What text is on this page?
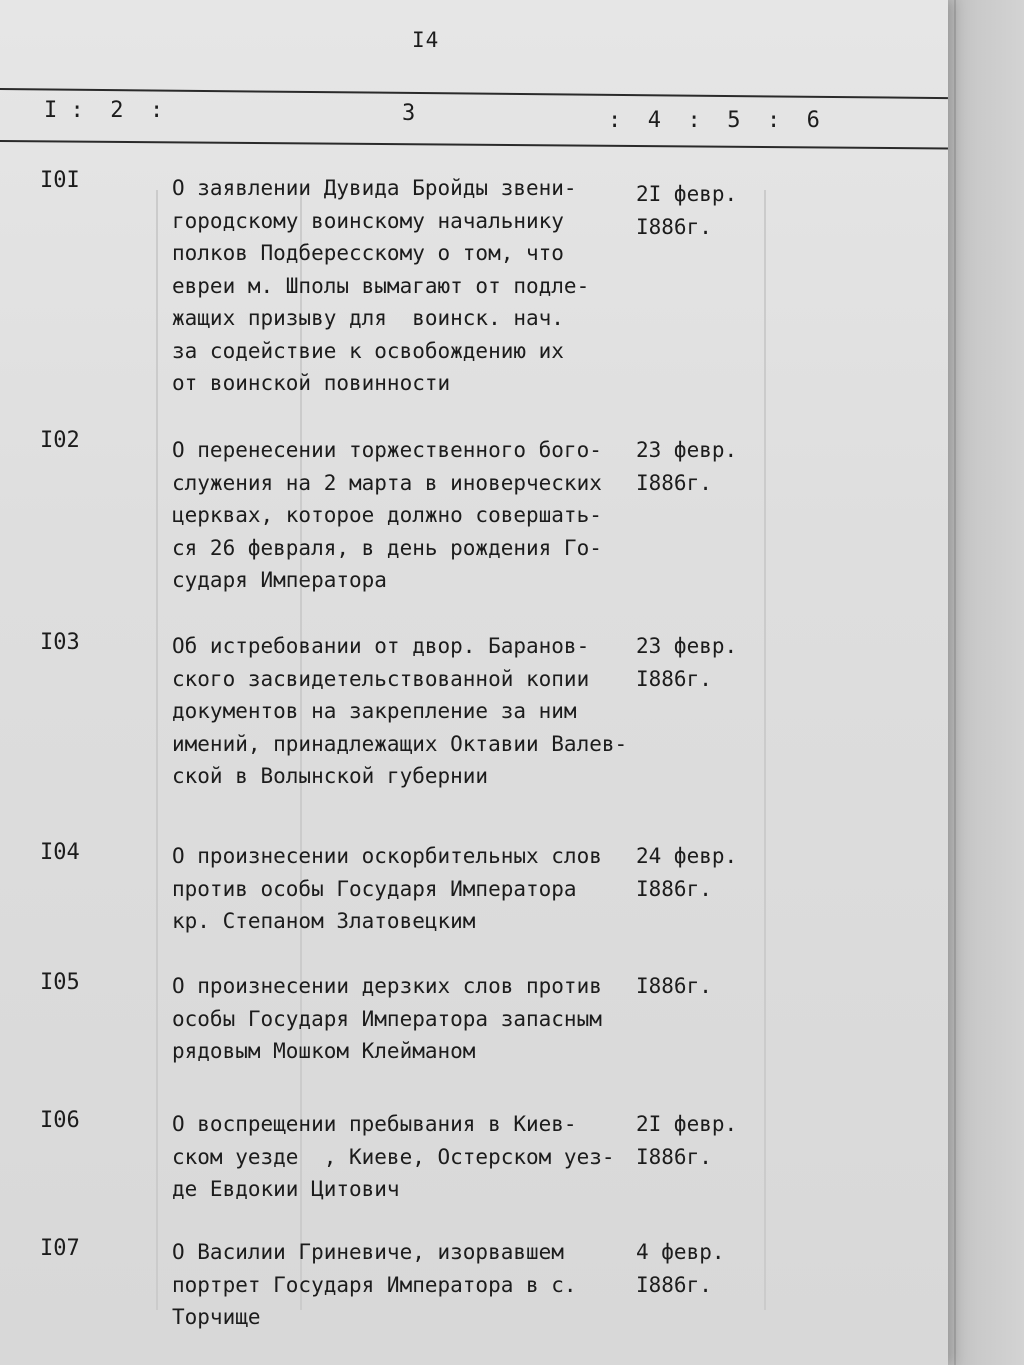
I4
I :  2  :	3	:  4  :  5  :  6
I0I	О заявлении Дувида Бройды звени-
городскому воинскому начальнику
полков Подбересскому о том, что
евреи м. Шполы вымагают от подле-
жащих призыву для  воинск. нач.
за содействие к освобождению их
от воинской повинности
2I февр.
I886г.
I02	О перенесении торжественного бого-
служения на 2 марта в иноверческих
церквах, которое должно совершать-
ся 26 февраля, в день рождения Го-
сударя Императора
23 февр.
I886г.
I03	Об истребовании от двор. Баранов-
ского засвидетельствованной копии
документов на закрепление за ним
имений, принадлежащих Октавии Валев-
ской в Волынской губернии
23 февр.
I886г.
I04	О произнесении оскорбительных слов
против особы Государя Императора
кр. Степаном Златовецким
24 февр.
I886г.
I05	О произнесении дерзких слов против
особы Государя Императора запасным
рядовым Мошком Клейманом
I886г.
I06	О воспрещении пребывания в Киев-
ском уезде  , Киеве, Остерском уез-
де Евдокии Цитович
2I февр.
I886г.
I07	О Василии Гриневиче, изорвавшем
портрет Государя Императора в с.
Торчище
4 февр.
I886г.
